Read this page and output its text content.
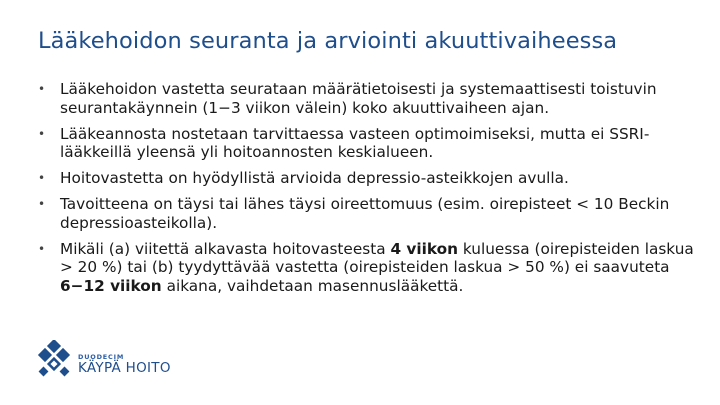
Lääkehoidon seuranta ja arviointi akuuttivaiheessa
• Lääkehoidon vastetta seurataan määrätietoisesti ja systemaattisesti toistuvin seurantakäynnein (1−3 viikon välein) koko akuuttivaiheen ajan.
• Lääkeannosta nostetaan tarvittaessa vasteen optimoimiseksi, mutta ei SSRI-lääkkeillä yleensä yli hoitoannosten keskialueen.
• Hoitovastetta on hyödyllistä arvioida depressio-asteikkojen avulla.
• Tavoitteena on täysi tai lähes täysi oireettomuus (esim. oirepisteet < 10 Beckin depressioasteikolla).
• Mikäli (a) viitettä alkavasta hoitovasteesta 4 viikon kuluessa (oirepisteiden laskua > 20 %) tai (b) tyydyttävää vastetta (oirepisteiden laskua > 50 %) ei saavuteta 6−12 viikon aikana, vaihdetaan masennuslääkettä.
DUODECIM
KÄYPÄ HOITO
